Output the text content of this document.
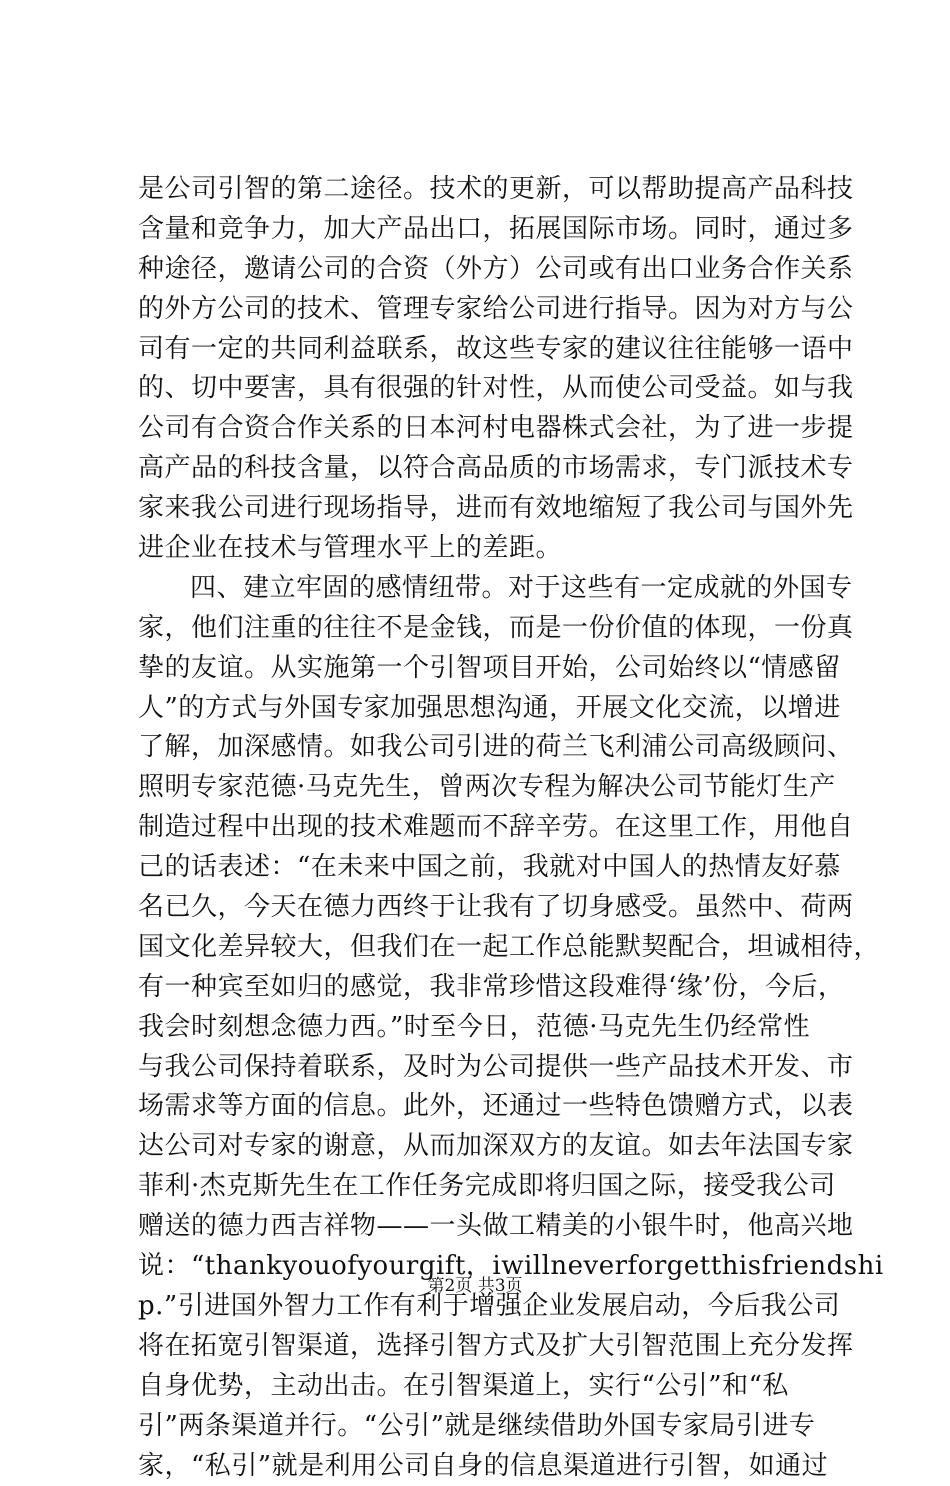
是公司引智的第二途径。技术的更新，可以帮助提高产品科技
含量和竞争力，加大产品出口，拓展国际市场。同时，通过多
种途径，邀请公司的合资（外方）公司或有出口业务合作关系
的外方公司的技术、管理专家给公司进行指导。因为对方与公
司有一定的共同利益联系，故这些专家的建议往往能够一语中
的、切中要害，具有很强的针对性，从而使公司受益。如与我
公司有合资合作关系的日本河村电器株式会社，为了进一步提
高产品的科技含量，以符合高品质的市场需求，专门派技术专
家来我公司进行现场指导，进而有效地缩短了我公司与国外先
进企业在技术与管理水平上的差距。
四、建立牢固的感情纽带。对于这些有一定成就的外国专
家，他们注重的往往不是金钱，而是一份价值的体现，一份真
挚的友谊。从实施第一个引智项目开始，公司始终以“情感留
人”的方式与外国专家加强思想沟通，开展文化交流，以增进
了解，加深感情。如我公司引进的荷兰飞利浦公司高级顾问、
照明专家范德·马克先生，曾两次专程为解决公司节能灯生产
制造过程中出现的技术难题而不辞辛劳。在这里工作，用他自
己的话表述：“在未来中国之前，我就对中国人的热情友好慕
名已久，今天在德力西终于让我有了切身感受。虽然中、荷两
国文化差异较大，但我们在一起工作总能默契配合，坦诚相待，
有一种宾至如归的感觉，我非常珍惜这段难得‘缘’份，今后，
我会时刻想念德力西。”时至今日，范德·马克先生仍经常性
与我公司保持着联系，及时为公司提供一些产品技术开发、市
场需求等方面的信息。此外，还通过一些特色馈赠方式，以表
达公司对专家的谢意，从而加深双方的友谊。如去年法国专家
菲利·杰克斯先生在工作任务完成即将归国之际，接受我公司
赠送的德力西吉祥物——一头做工精美的小银牛时，他高兴地
说：“thankyouofyourgift，iwillneverforgetthisfriendshi
p.”引进国外智力工作有利于增强企业发展启动，今后我公司
将在拓宽引智渠道，选择引智方式及扩大引智范围上充分发挥
自身优势，主动出击。在引智渠道上，实行“公引”和“私
引”两条渠道并行。“公引”就是继续借助外国专家局引进专
家，“私引”就是利用公司自身的信息渠道进行引智，如通过
第2页 共3页
